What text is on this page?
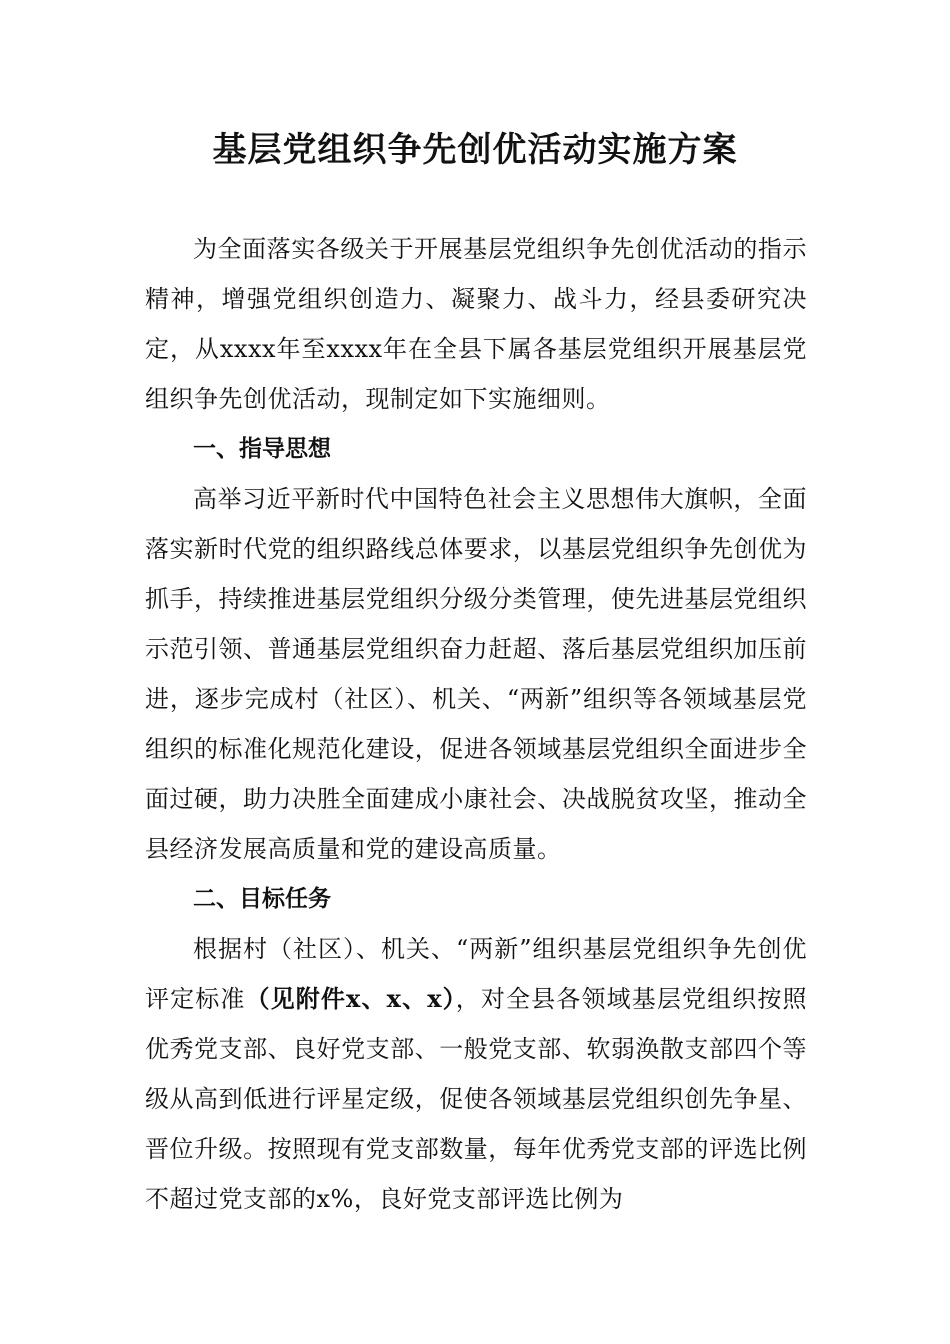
基层党组织争先创优活动实施方案

为全面落实各级关于开展基层党组织争先创优活动的指示精神，增强党组织创造力、凝聚力、战斗力，经县委研究决定，从xxxx年至xxxx年在全县下属各基层党组织开展基层党组织争先创优活动，现制定如下实施细则。

一、指导思想

高举习近平新时代中国特色社会主义思想伟大旗帜，全面落实新时代党的组织路线总体要求，以基层党组织争先创优为抓手，持续推进基层党组织分级分类管理，使先进基层党组织示范引领、普通基层党组织奋力赶超、落后基层党组织加压前进，逐步完成村（社区）、机关、“两新”组织等各领域基层党组织的标准化规范化建设，促进各领域基层党组织全面进步全面过硬，助力决胜全面建成小康社会、决战脱贫攻坚，推动全县经济发展高质量和党的建设高质量。

二、目标任务

根据村（社区）、机关、“两新”组织基层党组织争先创优评定标准（见附件x、x、x），对全县各领域基层党组织按照优秀党支部、良好党支部、一般党支部、软弱涣散支部四个等级从高到低进行评星定级，促使各领域基层党组织创先争星、晋位升级。按照现有党支部数量，每年优秀党支部的评选比例不超过党支部的x%，良好党支部评选比例为
